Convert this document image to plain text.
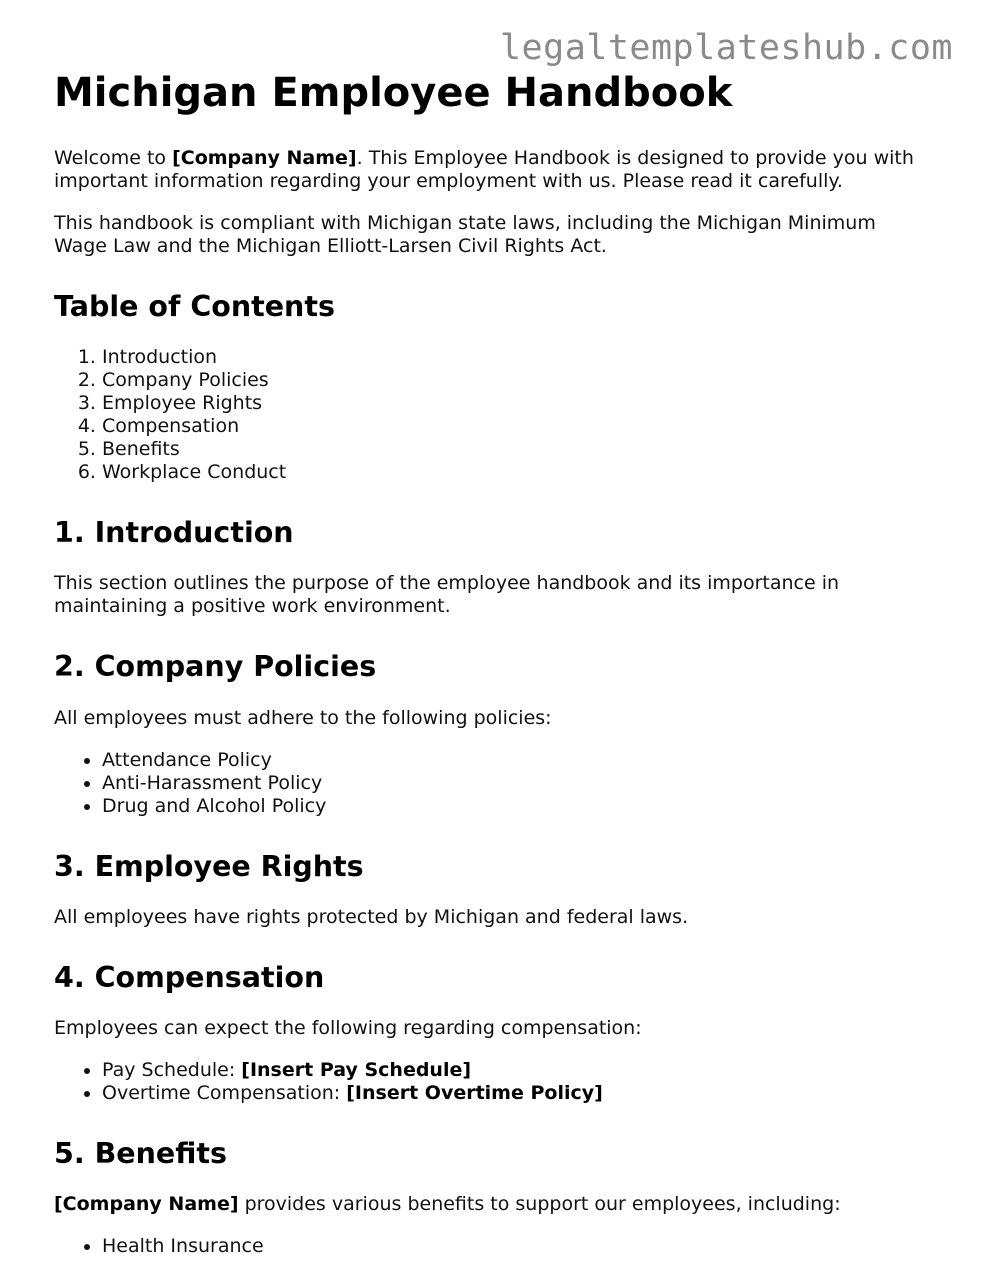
legaltemplateshub.com
Michigan Employee Handbook

Welcome to [Company Name]. This Employee Handbook is designed to provide you with important information regarding your employment with us. Please read it carefully.

This handbook is compliant with Michigan state laws, including the Michigan Minimum Wage Law and the Michigan Elliott-Larsen Civil Rights Act.

Table of Contents
1. Introduction
2. Company Policies
3. Employee Rights
4. Compensation
5. Benefits
6. Workplace Conduct
1. Introduction

This section outlines the purpose of the employee handbook and its importance in maintaining a positive work environment.

2. Company Policies

All employees must adhere to the following policies:

• Attendance Policy
• Anti-Harassment Policy
• Drug and Alcohol Policy
3. Employee Rights

All employees have rights protected by Michigan and federal laws.

4. Compensation

Employees can expect the following regarding compensation:

• Pay Schedule: [Insert Pay Schedule]
• Overtime Compensation: [Insert Overtime Policy]
5. Benefits

[Company Name] provides various benefits to support our employees, including:

• Health Insurance
